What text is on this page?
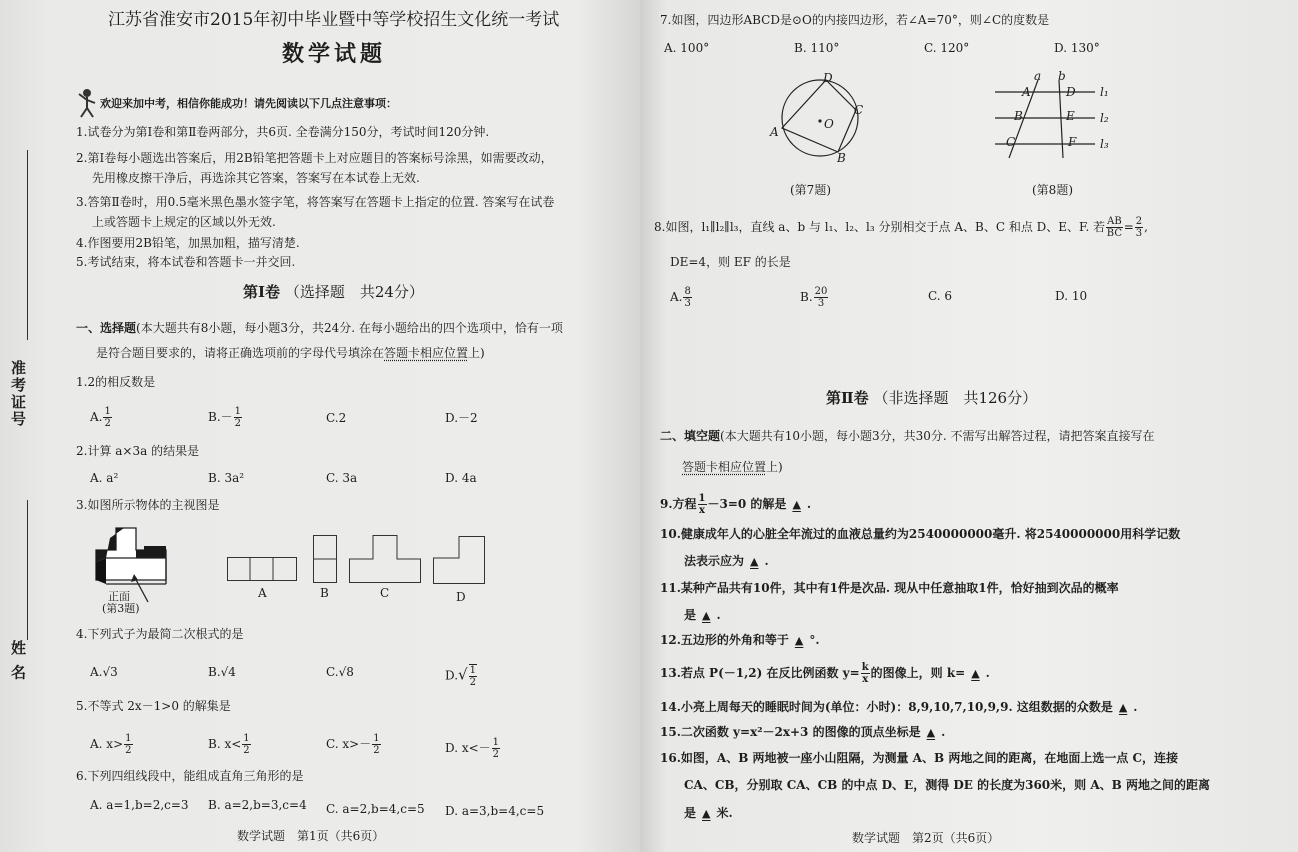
准考证号
姓 名
江苏省淮安市2015年初中毕业暨中等学校招生文化统一考试
数学试题
欢迎来加中考，相信你能成功！请先阅读以下几点注意事项：
1.试卷分为第Ⅰ卷和第Ⅱ卷两部分，共6页. 全卷满分150分，考试时间120分钟.
2.第Ⅰ卷每小题选出答案后，用2B铅笔把答题卡上对应题目的答案标号涂黑，如需要改动，
先用橡皮擦干净后，再选涂其它答案，答案写在本试卷上无效.
3.答第Ⅱ卷时，用0.5毫米黑色墨水签字笔，将答案写在答题卡上指定的位置. 答案写在试卷
上或答题卡上规定的区域以外无效.
4.作图要用2B铅笔，加黑加粗，描写清楚.
5.考试结束，将本试卷和答题卡一并交回.
第Ⅰ卷 （选择题　共24分）
一、选择题(本大题共有8小题，每小题3分，共24分. 在每小题给出的四个选项中，恰有一项
是符合题目要求的，请将正确选项前的字母代号填涂在答题卡相应位置上)
1.2的相反数是
A. $\frac{1}{2}$	$B.- \frac{1}{2}$	C.2	D.－2
2.计算 a×3a 的结果是
A. a²	B. 3a²	C. 3a	D. 4a
3.如图所示物体的主视图是
正面
(第3题)
A	B	C	D
4.下列式子为最简二次根式的是
A.√3	B.√4	C.√8	$D.√ \frac{1}{2}$
5.不等式 2x－1>0 的解集是
A. $x> \frac{1}{2}$	B. $x< \frac{1}{2}$	C. $x>- \frac{1}{2}$	D. $x<- \frac{1}{2}$
6.下列四组线段中，能组成直角三角形的是
A. a=1,b=2,c=3 B. a=2,b=3,c=4 C. a=2,b=4,c=5 D. a=3,b=4,c=5
数学试题　第1页（共6页）
7.如图，四边形ABCD是⊙O的内接四边形，若∠A=70°，则∠C的度数是
A. 100°	B. 110°	C. 120°	D. 130°
D
C
A
B
O
(第7题)
a b
A
B
C
D
E
F
l₁
l₂
l₃
(第8题)
8.如图，l₁∥l₂∥l₃，直线 a、b 与 l₁、l₂、l₃ 分别相交于点 A、B、C 和点 D、E、F. 若 $\frac{AB}{BC} = \frac{2}{3}$ ,
DE=4，则 EF 的长是
A. $\frac{8}{3}$	B. $\frac{20}{3}$	C. 6	D. 10
第Ⅱ卷 （非选择题　共126分）
二、填空题(本大题共有10小题，每小题3分，共30分. 不需写出解答过程，请把答案直接写在
答题卡相应位置上)
9.方程 $\frac{1}{x} -3=0$ 的解是 ▲ .
10.健康成年人的心脏全年流过的血液总量约为2540000000毫升. 将2540000000用科学记数
法表示应为 ▲ .
11.某种产品共有10件，其中有1件是次品. 现从中任意抽取1件，恰好抽到次品的概率
是 ▲ .
12.五边形的外角和等于 ▲ °.
13.若点 P(－1,2) 在反比例函数 $y= \frac{k}{x}$ 的图像上，则 k= ▲ .
14.小亮上周每天的睡眠时间为(单位：小时)：8,9,10,7,10,9,9. 这组数据的众数是 ▲ .
15.二次函数 y=x²－2x+3 的图像的顶点坐标是 ▲ .
16.如图，A、B 两地被一座小山阻隔，为测量 A、B 两地之间的距离，在地面上选一点 C，连接
CA、CB，分别取 CA、CB 的中点 D、E，测得 DE 的长度为360米，则 A、B 两地之间的距离
是 ▲ 米.
数学试题　第2页（共6页）
